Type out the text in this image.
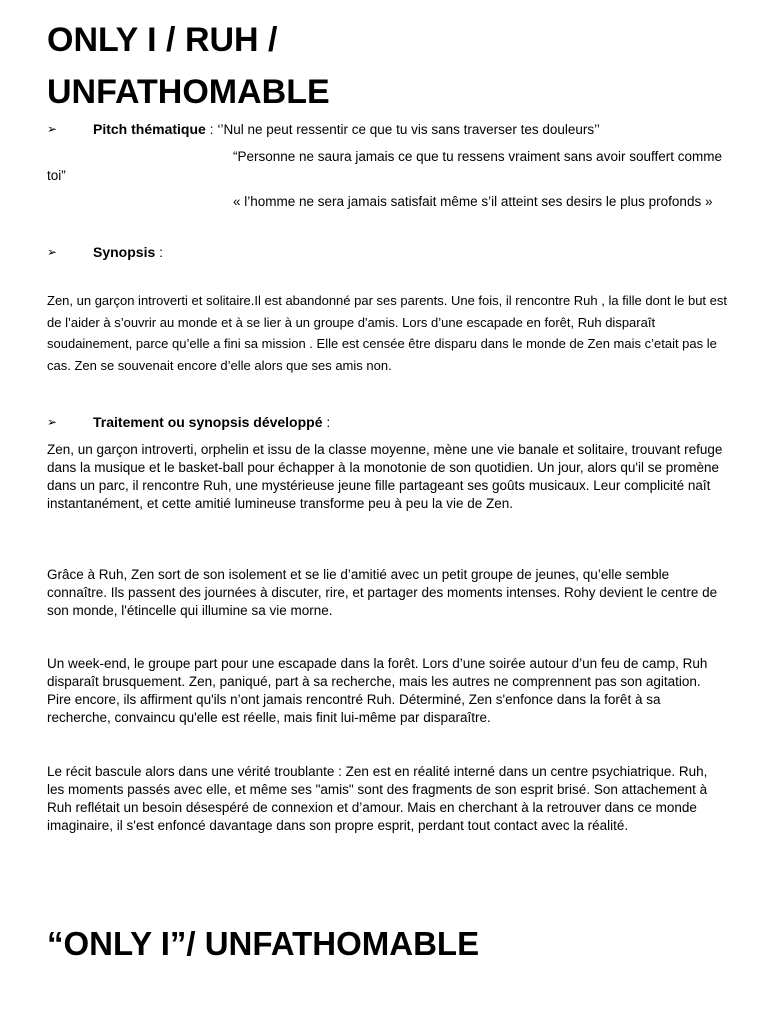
ONLY I / RUH /
UNFATHOMABLE
➢	Pitch thématique : ‘’Nul ne peut ressentir ce que tu vis sans traverser tes douleurs’’
“Personne ne saura jamais ce que tu ressens vraiment sans avoir souffert comme toi”
« l’homme ne sera jamais satisfait même s’il atteint ses desirs le plus profonds »
➢	Synopsis :

Zen, un garçon introverti et solitaire.Il est abandonné par ses parents. Une fois, il rencontre Ruh , la fille dont le but est de l’aider à s’ouvrir au monde et à se lier à un groupe d'amis. Lors d’une escapade en forêt, Ruh disparaît soudainement, parce qu’elle a fini sa mission . Elle est censée être disparu dans le monde de Zen mais c’etait pas le cas. Zen se souvenait encore d’elle alors que ses amis non.

➢	Traitement ou synopsis développé :

Zen, un garçon introverti, orphelin et issu de la classe moyenne, mène une vie banale et solitaire, trouvant refuge dans la musique et le basket-ball pour échapper à la monotonie de son quotidien. Un jour, alors qu'il se promène dans un parc, il rencontre Ruh, une mystérieuse jeune fille partageant ses goûts musicaux. Leur complicité naît instantanément, et cette amitié lumineuse transforme peu à peu la vie de Zen.

Grâce à Ruh, Zen sort de son isolement et se lie d’amitié avec un petit groupe de jeunes, qu’elle semble connaître. Ils passent des journées à discuter, rire, et partager des moments intenses. Rohy devient le centre de son monde, l'étincelle qui illumine sa vie morne.

Un week-end, le groupe part pour une escapade dans la forêt. Lors d’une soirée autour d’un feu de camp, Ruh disparaît brusquement. Zen, paniqué, part à sa recherche, mais les autres ne comprennent pas son agitation. Pire encore, ils affirment qu'ils n’ont jamais rencontré Ruh. Déterminé, Zen s'enfonce dans la forêt à sa recherche, convaincu qu'elle est réelle, mais finit lui-même par disparaître.

Le récit bascule alors dans une vérité troublante : Zen est en réalité interné dans un centre psychiatrique. Ruh, les moments passés avec elle, et même ses "amis" sont des fragments de son esprit brisé. Son attachement à Ruh reflétait un besoin désespéré de connexion et d’amour. Mais en cherchant à la retrouver dans ce monde imaginaire, il s'est enfoncé davantage dans son propre esprit, perdant tout contact avec la réalité.

“ONLY I”/ UNFATHOMABLE
